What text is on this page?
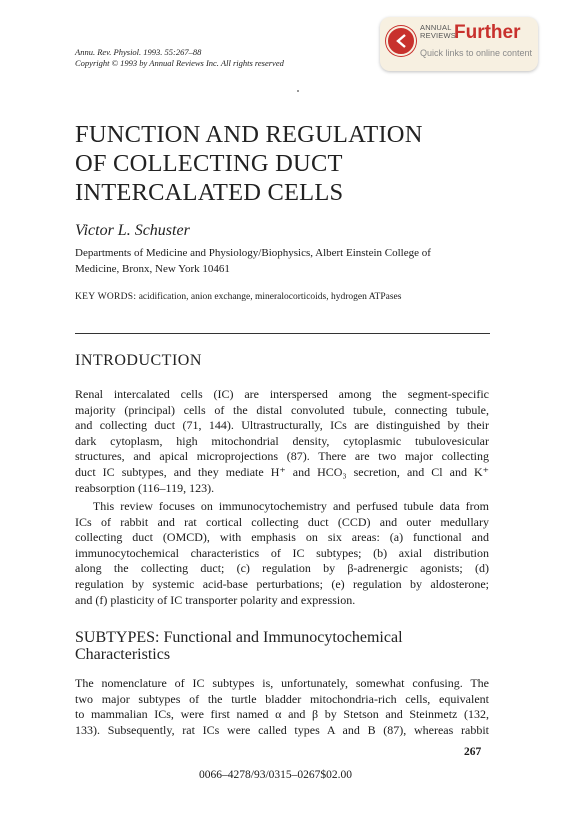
Annu. Rev. Physiol. 1993. 55:267–88
Copyright © 1993 by Annual Reviews Inc. All rights reserved
ANNUAL
REVIEWS
Further
Quick links to online content
FUNCTION AND REGULATION
OF COLLECTING DUCT
INTERCALATED CELLS
Victor L. Schuster
Departments of Medicine and Physiology/Biophysics, Albert Einstein College of
Medicine, Bronx, New York 10461
KEY WORDS: acidification, anion exchange, mineralocorticoids, hydrogen ATPases
INTRODUCTION
Renal intercalated cells (IC) are interspersed among the segment-specific
majority (principal) cells of the distal convoluted tubule, connecting tubule,
and collecting duct (71, 144). Ultrastructurally, ICs are distinguished by their
dark cytoplasm, high mitochondrial density, cytoplasmic tubulovesicular
structures, and apical microprojections (87). There are two major collecting
duct IC subtypes, and they mediate H⁺ and HCO₃ secretion, and Cl and K⁺
reabsorption (116–119, 123).
This review focuses on immunocytochemistry and perfused tubule data from
ICs of rabbit and rat cortical collecting duct (CCD) and outer medullary
collecting duct (OMCD), with emphasis on six areas: (a) functional and
immunocytochemical characteristics of IC subtypes; (b) axial distribution
along the collecting duct; (c) regulation by β-adrenergic agonists; (d)
regulation by systemic acid-base perturbations; (e) regulation by aldosterone;
and (f) plasticity of IC transporter polarity and expression.
SUBTYPES: Functional and Immunocytochemical
Characteristics
The nomenclature of IC subtypes is, unfortunately, somewhat confusing. The
two major subtypes of the turtle bladder mitochondria-rich cells, equivalent
to mammalian ICs, were first named α and β by Stetson and Steinmetz (132,
133). Subsequently, rat ICs were called types A and B (87), whereas rabbit
267
0066–4278/93/0315–0267$02.00
